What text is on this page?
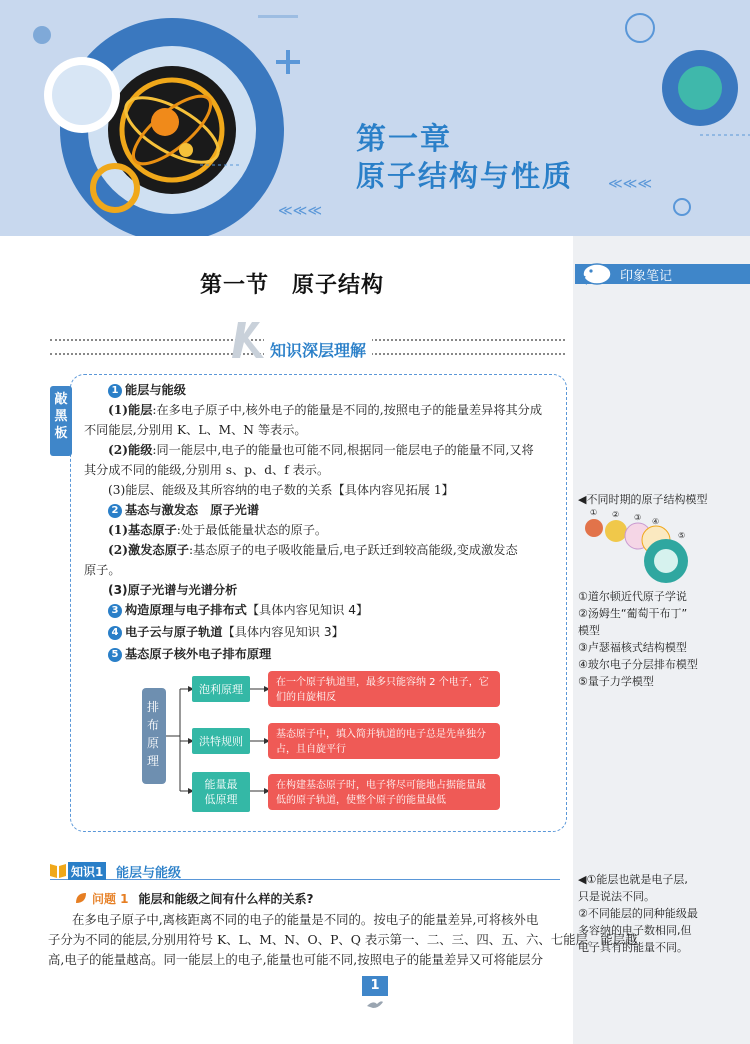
≪≪≪
≪≪≪
第一章
原子结构与性质
印象笔记
◀不同时期的原子结构模型
① ② ③ ④
⑤
①道尔顿近代原子学说
②汤姆生“葡萄干布丁”
模型
③卢瑟福核式结构模型
④玻尔电子分层排布模型
⑤量子力学模型
◀①能层也就是电子层,
只是说法不同。
②不同能层的同种能级最
多容纳的电子数相同,但
电子具有的能量不同。
第一节　原子结构
知识深层理解
敲黑板
1 能层与能级
(1)能层:在多电子原子中,核外电子的能量是不同的,按照电子的能量差异将其分成
不同能层,分别用 K、L、M、N 等表示。
(2)能级:同一能层中,电子的能量也可能不同,根据同一能层电子的能量不同,又将
其分成不同的能级,分别用 s、p、d、f 表示。
(3)能层、能级及其所容纳的电子数的关系【具体内容见拓展 1】
2 基态与激发态　原子光谱
(1)基态原子:处于最低能量状态的原子。
(2)激发态原子:基态原子的电子吸收能量后,电子跃迁到较高能级,变成激发态
原子。
(3)原子光谱与光谱分析
3 构造原理与电子排布式【具体内容见知识 4】
4 电子云与原子轨道【具体内容见知识 3】
5 基态原子核外电子排布原理
排布原理
泡利原理
洪特规则
能量最低原理
在一个原子轨道里，最多只能容纳 2 个电子，它们的自旋相反
基态原子中，填入简并轨道的电子总是先单独分占，且自旋平行
在构建基态原子时，电子将尽可能地占据能量最低的原子轨道，使整个原子的能量最低
知识1 能层与能级
问题 1 能层和能级之间有什么样的关系?
在多电子原子中,离核距离不同的电子的能量是不同的。按电子的能量差异,可将核外电
子分为不同的能层,分别用符号 K、L、M、N、O、P、Q 表示第一、二、三、四、五、六、七能层。能层越
高,电子的能量越高。同一能层上的电子,能量也可能不同,按照电子的能量差异又可将能层分
1
